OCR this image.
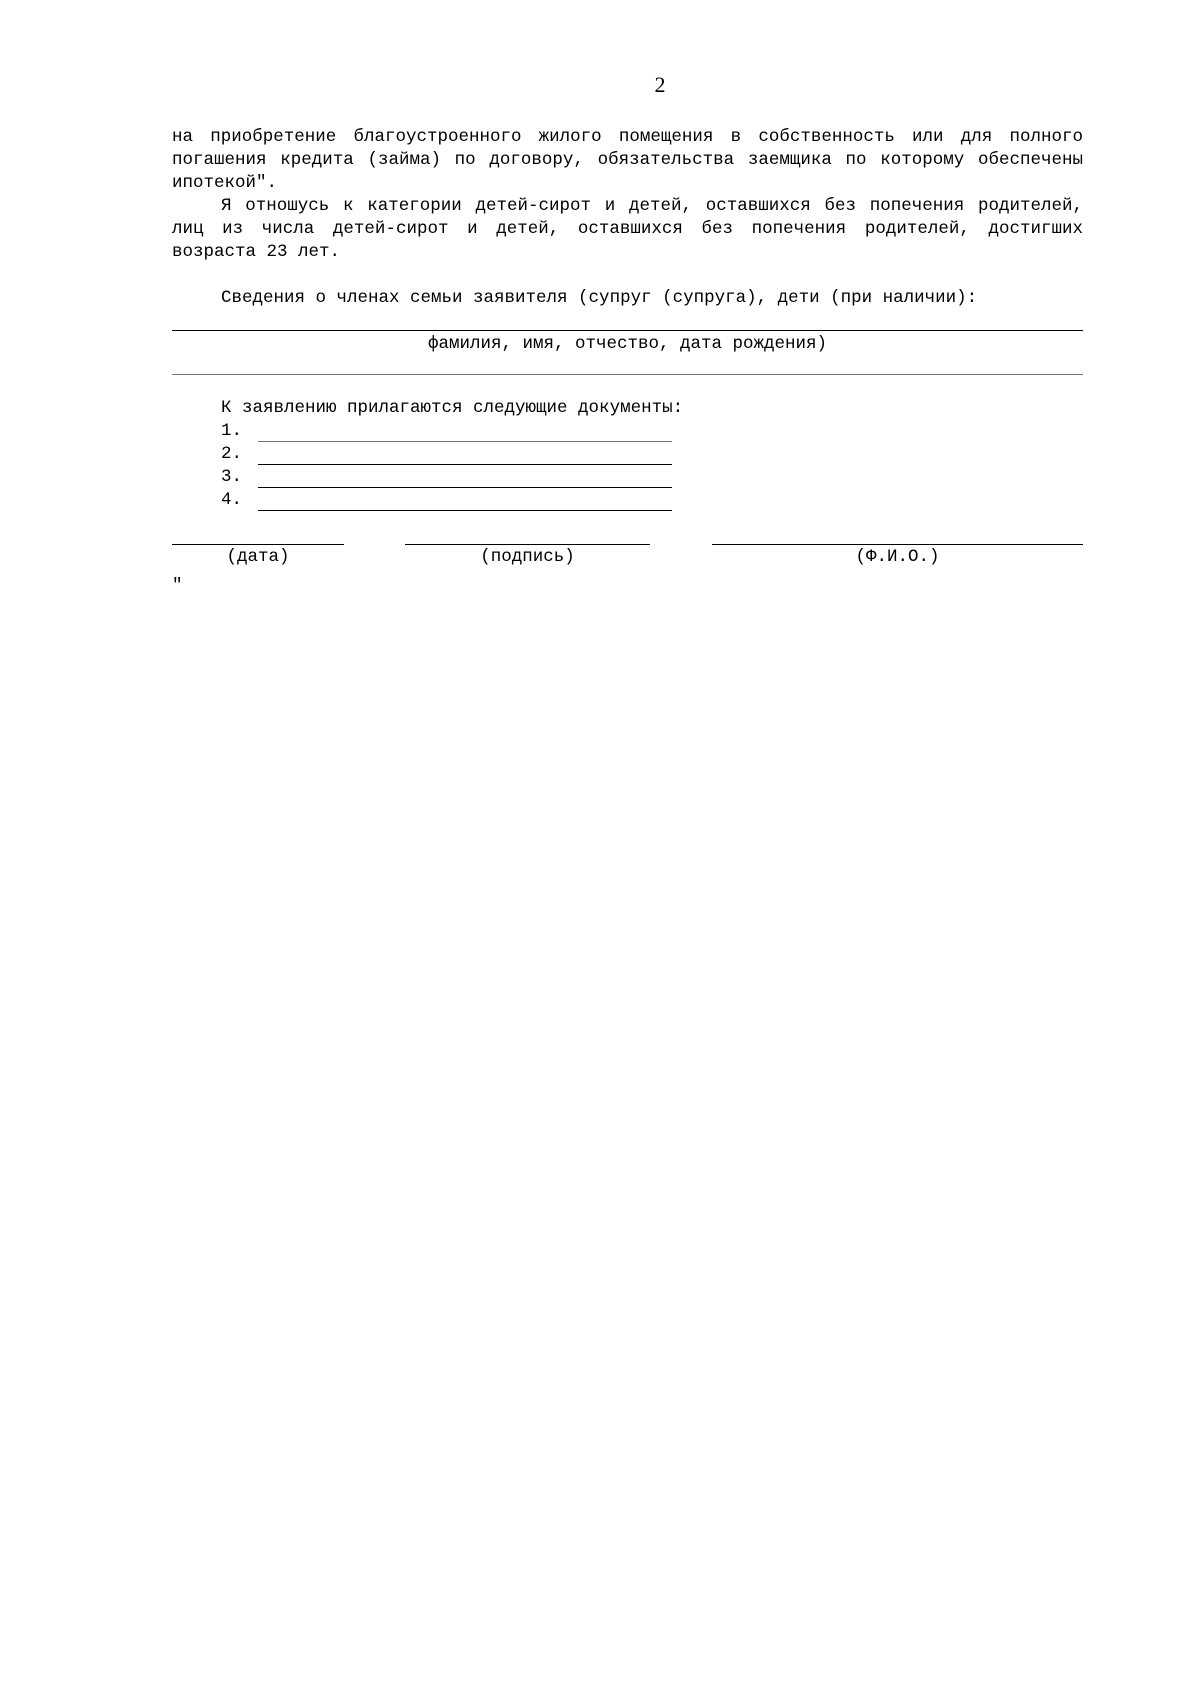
2

на приобретение благоустроенного жилого помещения в собственность или для полного погашения кредита (займа) по договору, обязательства заемщика по которому обеспечены ипотекой".

Я отношусь к категории детей-сирот и детей, оставшихся без попечения родителей, лиц из числа детей-сирот и детей, оставшихся без попечения родителей, достигших возраста 23 лет.

Сведения о членах семьи заявителя (супруг (супруга), дети (при наличии):

фамилия, имя, отчество, дата рождения)
К заявлению прилагаются следующие документы:
1.
2.
3.
4.
(дата)	(подпись)	(Ф.И.О.)
"
